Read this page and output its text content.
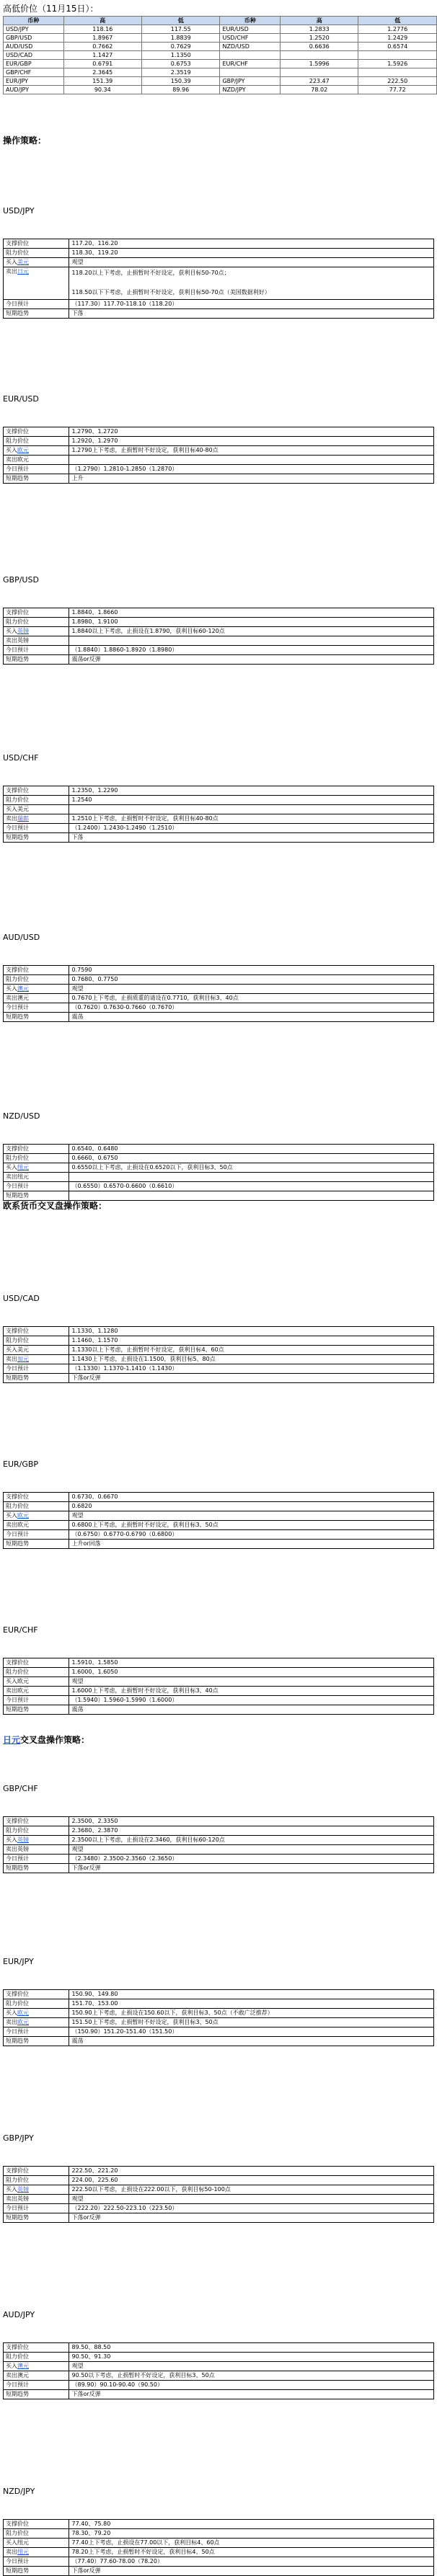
高低价位（11月15日）：
币种	高	低	币种	高	低
USD/JPY	118.16	117.55	EUR/USD	1.2833	1.2776
GBP/USD	1.8967	1.8839	USD/CHF	1.2520	1.2429
AUD/USD	0.7662	0.7629	NZD/USD	0.6636	0.6574
USD/CAD	1.1427	1.1350			
EUR/GBP	0.6791	0.6753	EUR/CHF	1.5996	1.5926
GBP/CHF	2.3645	2.3519			
EUR/JPY	151.39	150.39	GBP/JPY	223.47	222.50
AUD/JPY	90.34	89.96	NZD/JPY	78.02	77.72
操作策略：
欧系货币交叉盘操作策略：
日元交叉盘操作策略：
USD/JPY
支撑价位	117.20、116.20
阻力价位	118.30、119.20
买入美元	观望
卖出日元	118.20以上下考虑，止损暂时不好设定，获利目标50-70点；
118.50以下下考虑，止损暂时不好设定，获利目标50-70点（美国数据利好）

今日预计	（117.30）117.70-118.10（118.20）
短期趋势	下落
EUR/USD
支撑价位	1.2790、1.2720
阻力价位	1.2920、1.2970
买入欧元	1.2790上下考虑，止损暂时不好设定，获利目标40-80点
卖出欧元	
今日预计	（1.2790）1.2810-1.2850（1.2870）
短期趋势	上升
GBP/USD
支撑价位	1.8840、1.8660
阻力价位	1.8980、1.9100
买入英镑	1.8840以上下考虑，止损设在1.8790，获利目标60-120点
卖出英镑	
今日预计	（1.8840）1.8860-1.8920（1.8980）
短期趋势	震荡or反弹
USD/CHF
支撑价位	1.2350、1.2290
阻力价位	1.2540
买入美元	
卖出瑞郎	1.2510上下考虑，止损暂时不好设定，获利目标40-80点
今日预计	（1.2400）1.2430-1.2490（1.2510）
短期趋势	下落
AUD/USD
支撑价位	0.7590
阻力价位	0.7680、0.7750
买入澳元	观望
卖出澳元	0.7670上下考虑，止损质重的请设在0.7710，获利目标3、40点
今日预计	（0.7620）0.7630-0.7660（0.7670）
短期趋势	震荡
NZD/USD
支撑价位	0.6540、0.6480
阻力价位	0.6660、0.6750
买入纽元	0.6550以上下考虑，止损设在0.6520以下，获利目标3、50点
卖出纽元	
今日预计	（0.6550）0.6570-0.6600（0.6610）
短期趋势	
USD/CAD
支撑价位	1.1330、1.1280
阻力价位	1.1460、1.1570
买入美元	1.1330以上下考虑，止损暂时不好设定，获利目标4、60点
卖出加元	1.1430上下考虑，止损设在1.1500，获利目标5、80点
今日预计	（1.1330）1.1370-1.1410（1.1430）
短期趋势	下落or反弹
EUR/GBP
支撑价位	0.6730、0.6670
阻力价位	0.6820
买入欧元	观望
卖出欧元	0.6800上下考虑，止损暂时不好设定，获利目标3、50点
今日预计	（0.6750）0.6770-0.6790（0.6800）
短期趋势	上升or回落
EUR/CHF
支撑价位	1.5910、1.5850
阻力价位	1.6000、1.6050
买入欧元	观望
卖出欧元	1.6000上下考虑，止损暂时不好设定，获利目标3、40点
今日预计	（1.5940）1.5960-1.5990（1.6000）
短期趋势	震荡
GBP/CHF
支撑价位	2.3500、2.3350
阻力价位	2.3680、2.3870
买入英镑	2.3500以上下考虑，止损设在2.3460，获利目标60-120点
卖出英镑	观望
今日预计	（2.3480）2.3500-2.3560（2.3650）
短期趋势	下落or反弹
EUR/JPY
支撑价位	150.90、149.80
阻力价位	151.70、153.00
买入欧元	150.90上下考虑，止损设在150.60以下，获利目标3、50点（不敢广泛推荐）
卖出欧元	151.50上下考虑，止损暂时不好设定，获利目标3、50点
今日预计	（150.90）151.20-151.40（151.50）
短期趋势	震荡
GBP/JPY
支撑价位	222.50、221.20
阻力价位	224.00、225.60
买入英镑	222.50以下考虑，止损设在222.00以下，获利目标50-100点
卖出英镑	观望
今日预计	（222.20）222.50-223.10（223.50）
短期趋势	下落or反弹
AUD/JPY
支撑价位	89.50、88.50
阻力价位	90.50、91.30
买入澳元	观望
卖出澳元	90.50以下考虑，止损暂时不好设定，获利目标3、50点
今日预计	（89.90）90.10-90.40（90.50）
短期趋势	下落or反弹
NZD/JPY
支撑价位	77.40、75.80
阻力价位	78.30、79.20
买入纽元	77.40上下考虑，止损设在77.00以下，获利目标4、60点
卖出纽元	78.20上下考虑，止损暂时不好设定，获利目标4、50点
今日预计	（77.40）77.60-78.00（78.20）
短期趋势	下落or反弹
